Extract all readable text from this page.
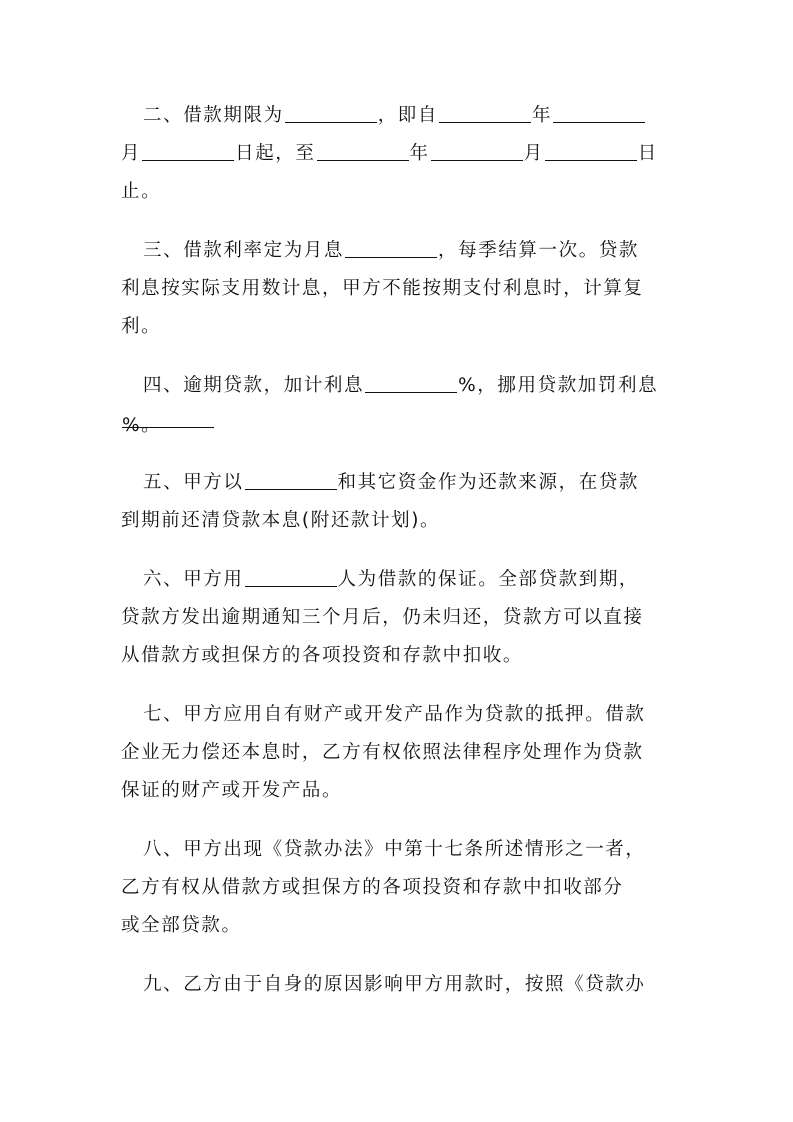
二、借款期限为	，即自	年
月	日起，至	年	月	日
止。

三、借款利率定为月息	，每季结算一次。贷款
利息按实际支用数计息，甲方不能按期支付利息时，计算复
利。

四、逾期贷款，加计利息	%，挪用贷款加罚利息
%。

五、甲方以	和其它资金作为还款来源，在贷款
到期前还清贷款本息(附还款计划)。

六、甲方用	人为借款的保证。全部贷款到期，
贷款方发出逾期通知三个月后，仍未归还，贷款方可以直接
从借款方或担保方的各项投资和存款中扣收。

七、甲方应用自有财产或开发产品作为贷款的抵押。借款
企业无力偿还本息时，乙方有权依照法律程序处理作为贷款
保证的财产或开发产品。

八、甲方出现《贷款办法》中第十七条所述情形之一者，
乙方有权从借款方或担保方的各项投资和存款中扣收部分
或全部贷款。

九、乙方由于自身的原因影响甲方用款时，按照《贷款办
